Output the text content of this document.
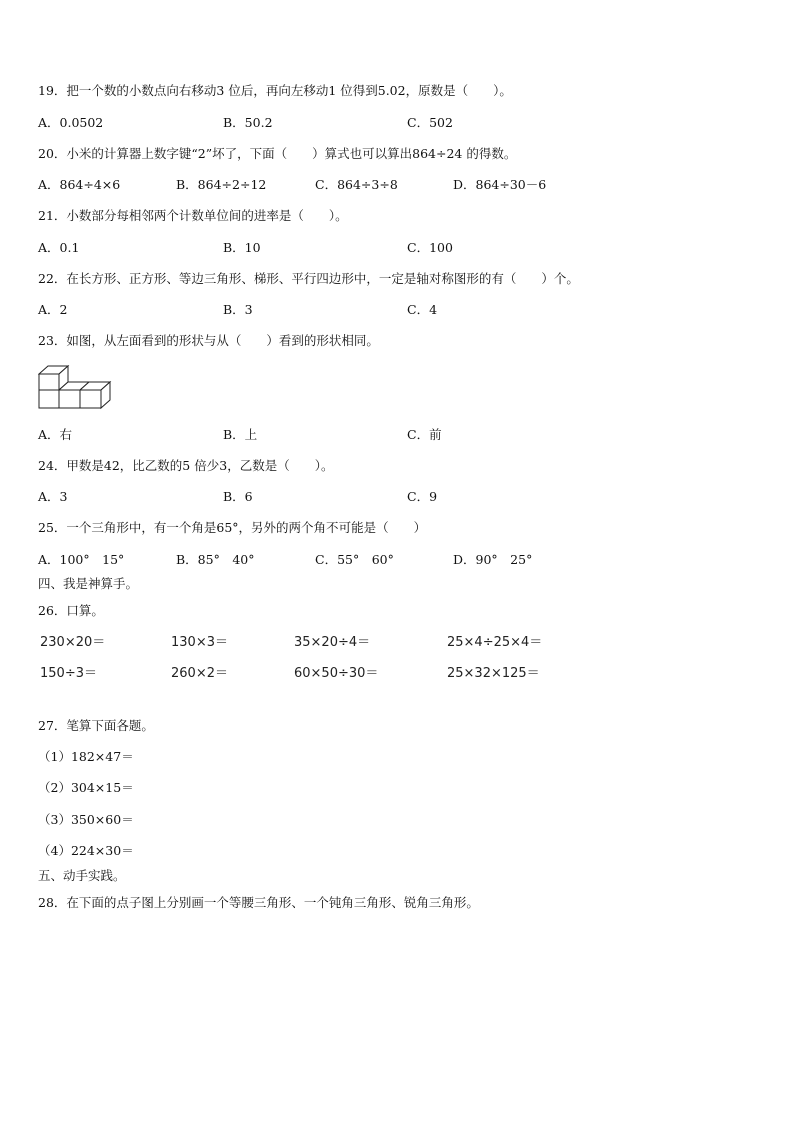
19．把一个数的小数点向右移动3 位后，再向左移动1 位得到5.02，原数是（　　）。
A．0.0502	B．50.2	C．502
20．小米的计算器上数字键“2”坏了，下面（　　）算式也可以算出864÷24 的得数。
A．864÷4×6	B．864÷2÷12	C．864÷3÷8	D．864÷30－6
21．小数部分每相邻两个计数单位间的进率是（　　）。
A．0.1	B．10	C．100
22．在长方形、正方形、等边三角形、梯形、平行四边形中，一定是轴对称图形的有（　　）个。
A．2	B．3	C．4
23．如图，从左面看到的形状与从（　　）看到的形状相同。
A．右	B．上	C．前
24．甲数是42，比乙数的5 倍少3，乙数是（　　）。
A．3	B．6	C．9
25．一个三角形中，有一个角是65°，另外的两个角不可能是（　　）
A．100°　15°	B．85°　40°	C．55°　60°	D．90°　25°
四、我是神算手。
26．口算。
230×20＝	130×3＝	35×20÷4＝	25×4÷25×4＝
150÷3＝	260×2＝	60×50÷30＝	25×32×125＝
27．笔算下面各题。
（1）182×47＝
（2）304×15＝
（3）350×60＝
（4）224×30＝
五、动手实践。
28．在下面的点子图上分别画一个等腰三角形、一个钝角三角形、锐角三角形。
